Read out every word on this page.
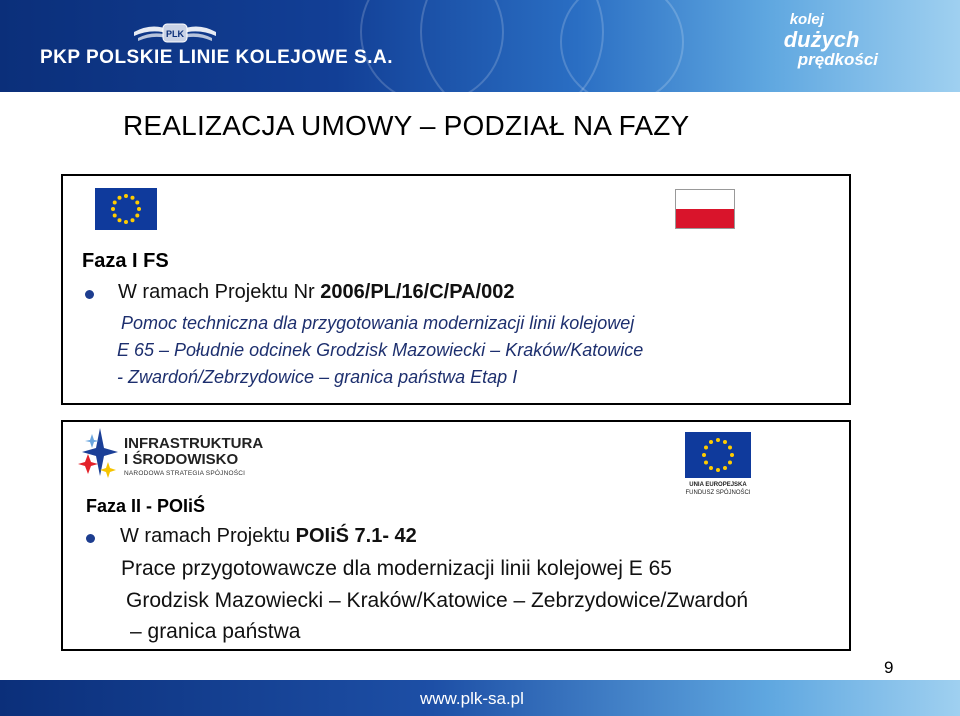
PLK
PKP POLSKIE LINIE KOLEJOWE S.A.
kolej
dużych
prędkości
REALIZACJA UMOWY – PODZIAŁ NA FAZY
Faza I FS
W ramach Projektu Nr 2006/PL/16/C/PA/002
Pomoc techniczna dla przygotowania modernizacji linii kolejowej
E 65 – Południe odcinek Grodzisk Mazowiecki – Kraków/Katowice
- Zwardoń/Zebrzydowice – granica państwa Etap I
INFRASTRUKTURA
I ŚRODOWISKO
NARODOWA STRATEGIA SPÓJNOŚCI
UNIA EUROPEJSKA
FUNDUSZ SPÓJNOŚCI
Faza II - POIiŚ
W ramach Projektu POIiŚ 7.1- 42
Prace przygotowawcze dla modernizacji linii kolejowej E 65
Grodzisk Mazowiecki – Kraków/Katowice – Zebrzydowice/Zwardoń
– granica państwa
9
www.plk-sa.pl
